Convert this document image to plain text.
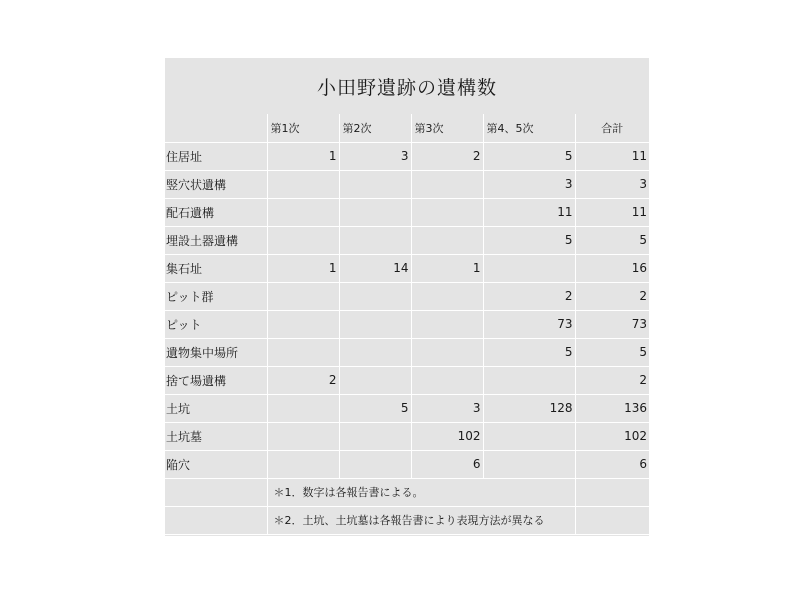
小田野遺跡の遺構数
	第1次	第2次	第3次	第4、5次	合計
住居址	1	3	2	5	11
竪穴状遺構				3	3
配石遺構				11	11
埋設土器遺構				5	5
集石址	1	14	1		16
ピット群				2	2
ピット				73	73
遺物集中場所				5	5
捨て場遺構	2				2
土坑		5	3	128	136
土坑墓			102		102
陥穴			6		6
	＊1．数字は各報告書による。				
	＊2．土坑、土坑墓は各報告書により表現方法が異なる				
